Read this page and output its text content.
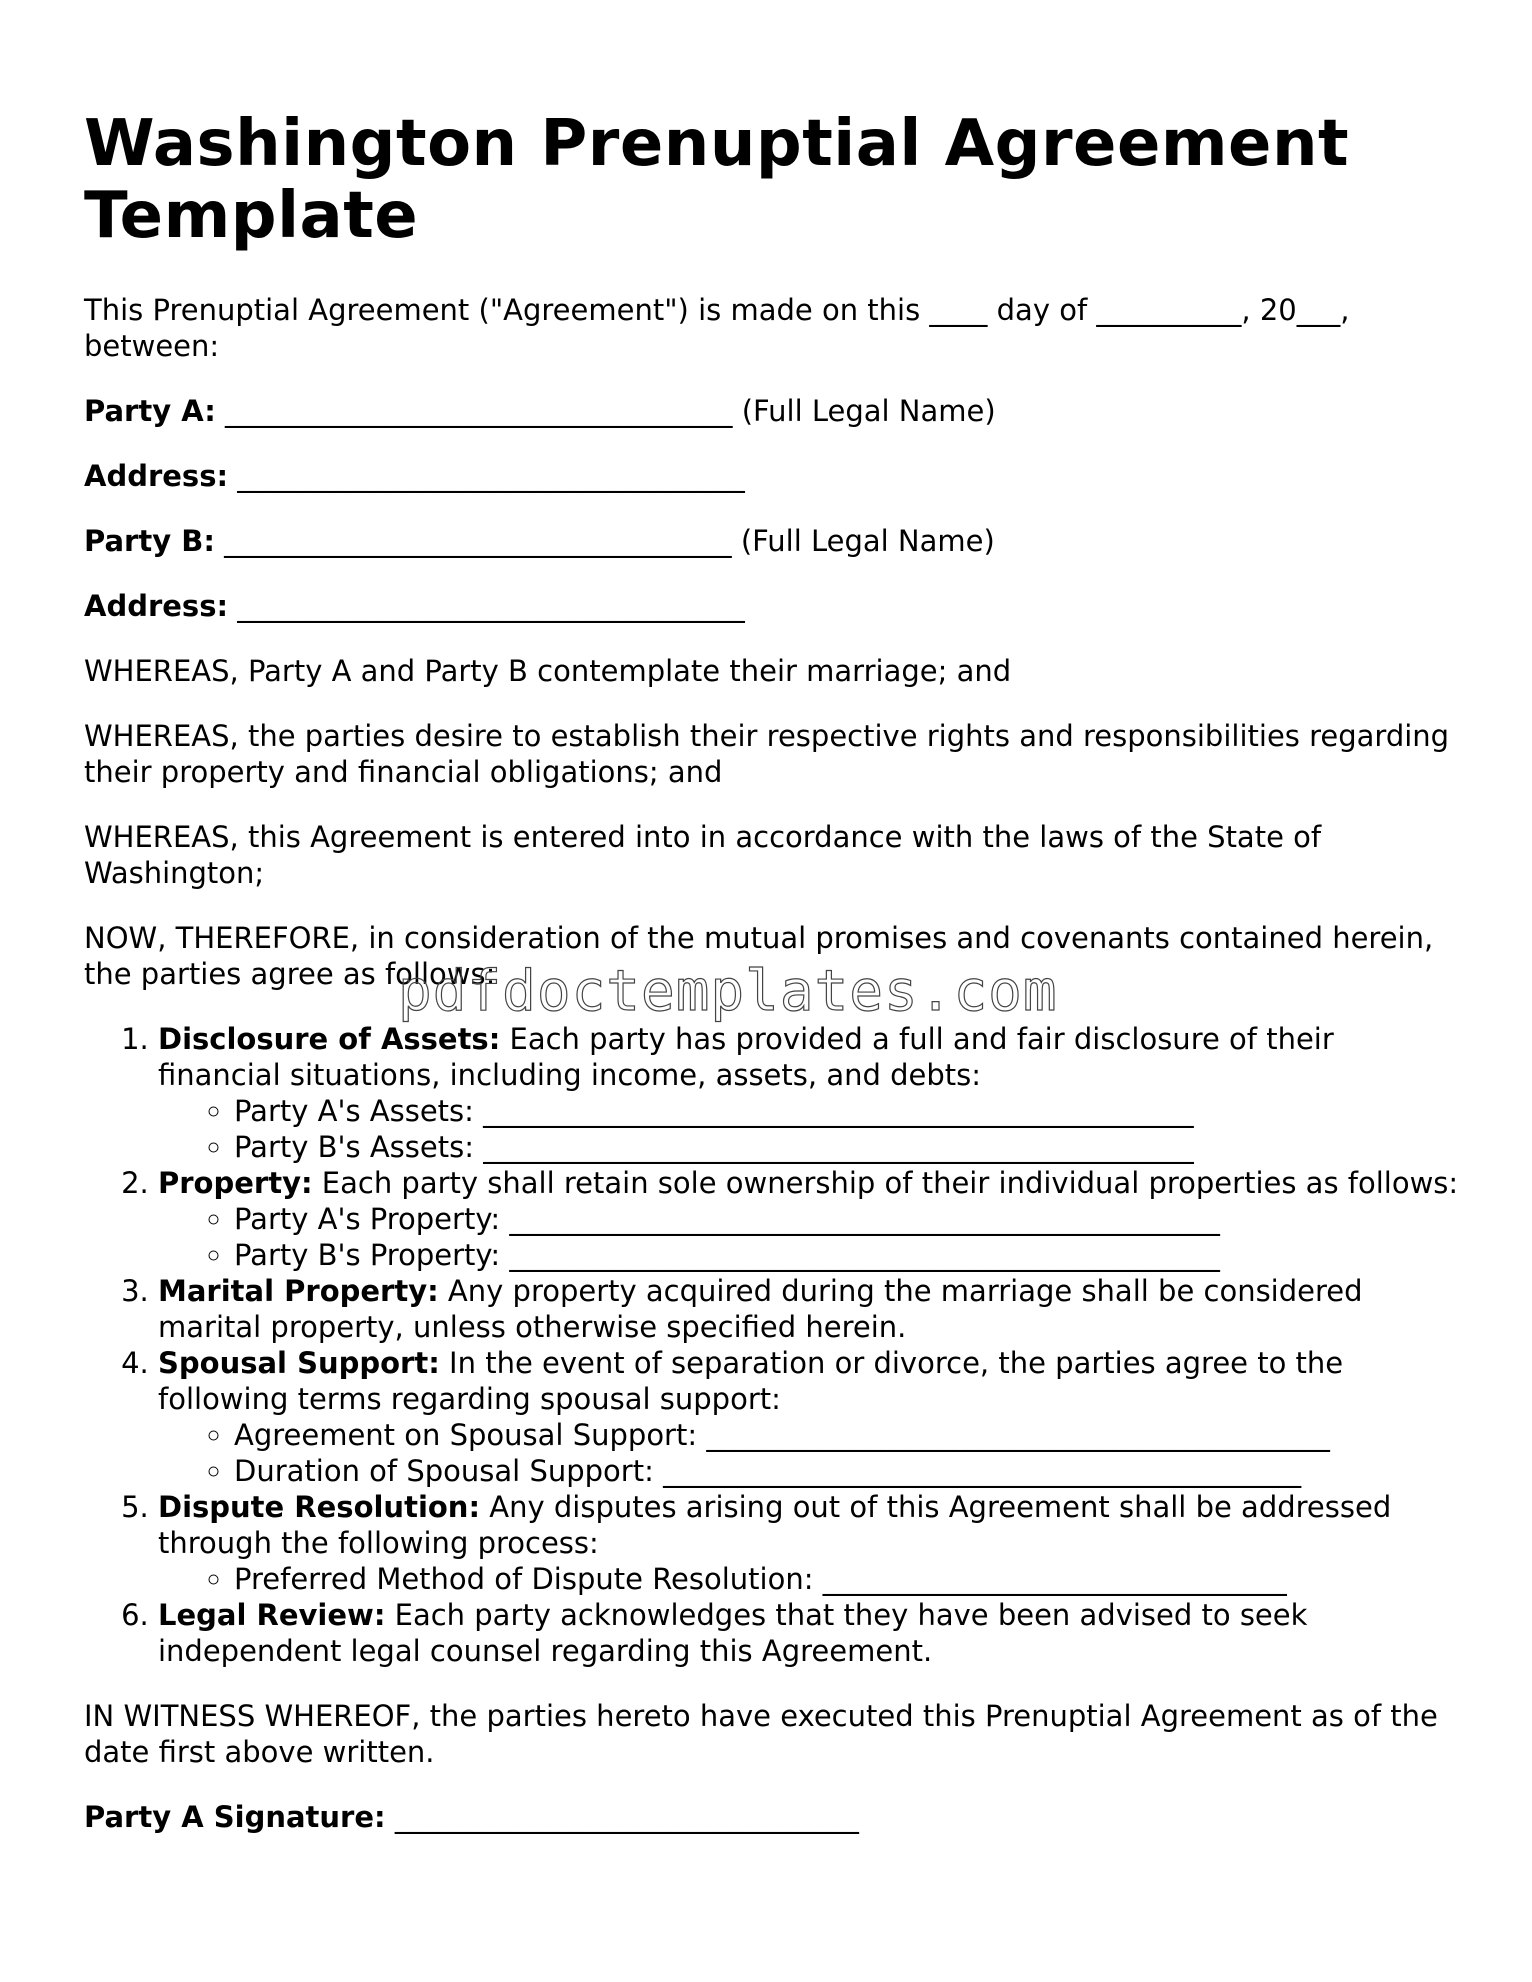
Washington Prenuptial Agreement Template

This Prenuptial Agreement ("Agreement") is made on this ____ day of __________, 20___, between:

Party A: ___________________________________ (Full Legal Name)

Address: ___________________________________

Party B: ___________________________________ (Full Legal Name)

Address: ___________________________________

WHEREAS, Party A and Party B contemplate their marriage; and

WHEREAS, the parties desire to establish their respective rights and responsibilities regarding their property and financial obligations; and

WHEREAS, this Agreement is entered into in accordance with the laws of the State of Washington;

NOW, THEREFORE, in consideration of the mutual promises and covenants contained herein, the parties agree as follows:

1. Disclosure of Assets: Each party has provided a full and fair disclosure of their financial situations, including income, assets, and debts:
◦ Party A's Assets: _________________________________________________
◦ Party B's Assets: _________________________________________________
2. Property: Each party shall retain sole ownership of their individual properties as follows:
◦ Party A's Property: _________________________________________________
◦ Party B's Property: _________________________________________________
3. Marital Property: Any property acquired during the marriage shall be considered marital property, unless otherwise specified herein.
4. Spousal Support: In the event of separation or divorce, the parties agree to the following terms regarding spousal support:
◦ Agreement on Spousal Support: ___________________________________________
◦ Duration of Spousal Support: ____________________________________________
5. Dispute Resolution: Any disputes arising out of this Agreement shall be addressed through the following process:
◦ Preferred Method of Dispute Resolution: ________________________________
6. Legal Review: Each party acknowledges that they have been advised to seek independent legal counsel regarding this Agreement.

IN WITNESS WHEREOF, the parties hereto have executed this Prenuptial Agreement as of the date first above written.

Party A Signature: ________________________________

pdfdoctemplates.com
